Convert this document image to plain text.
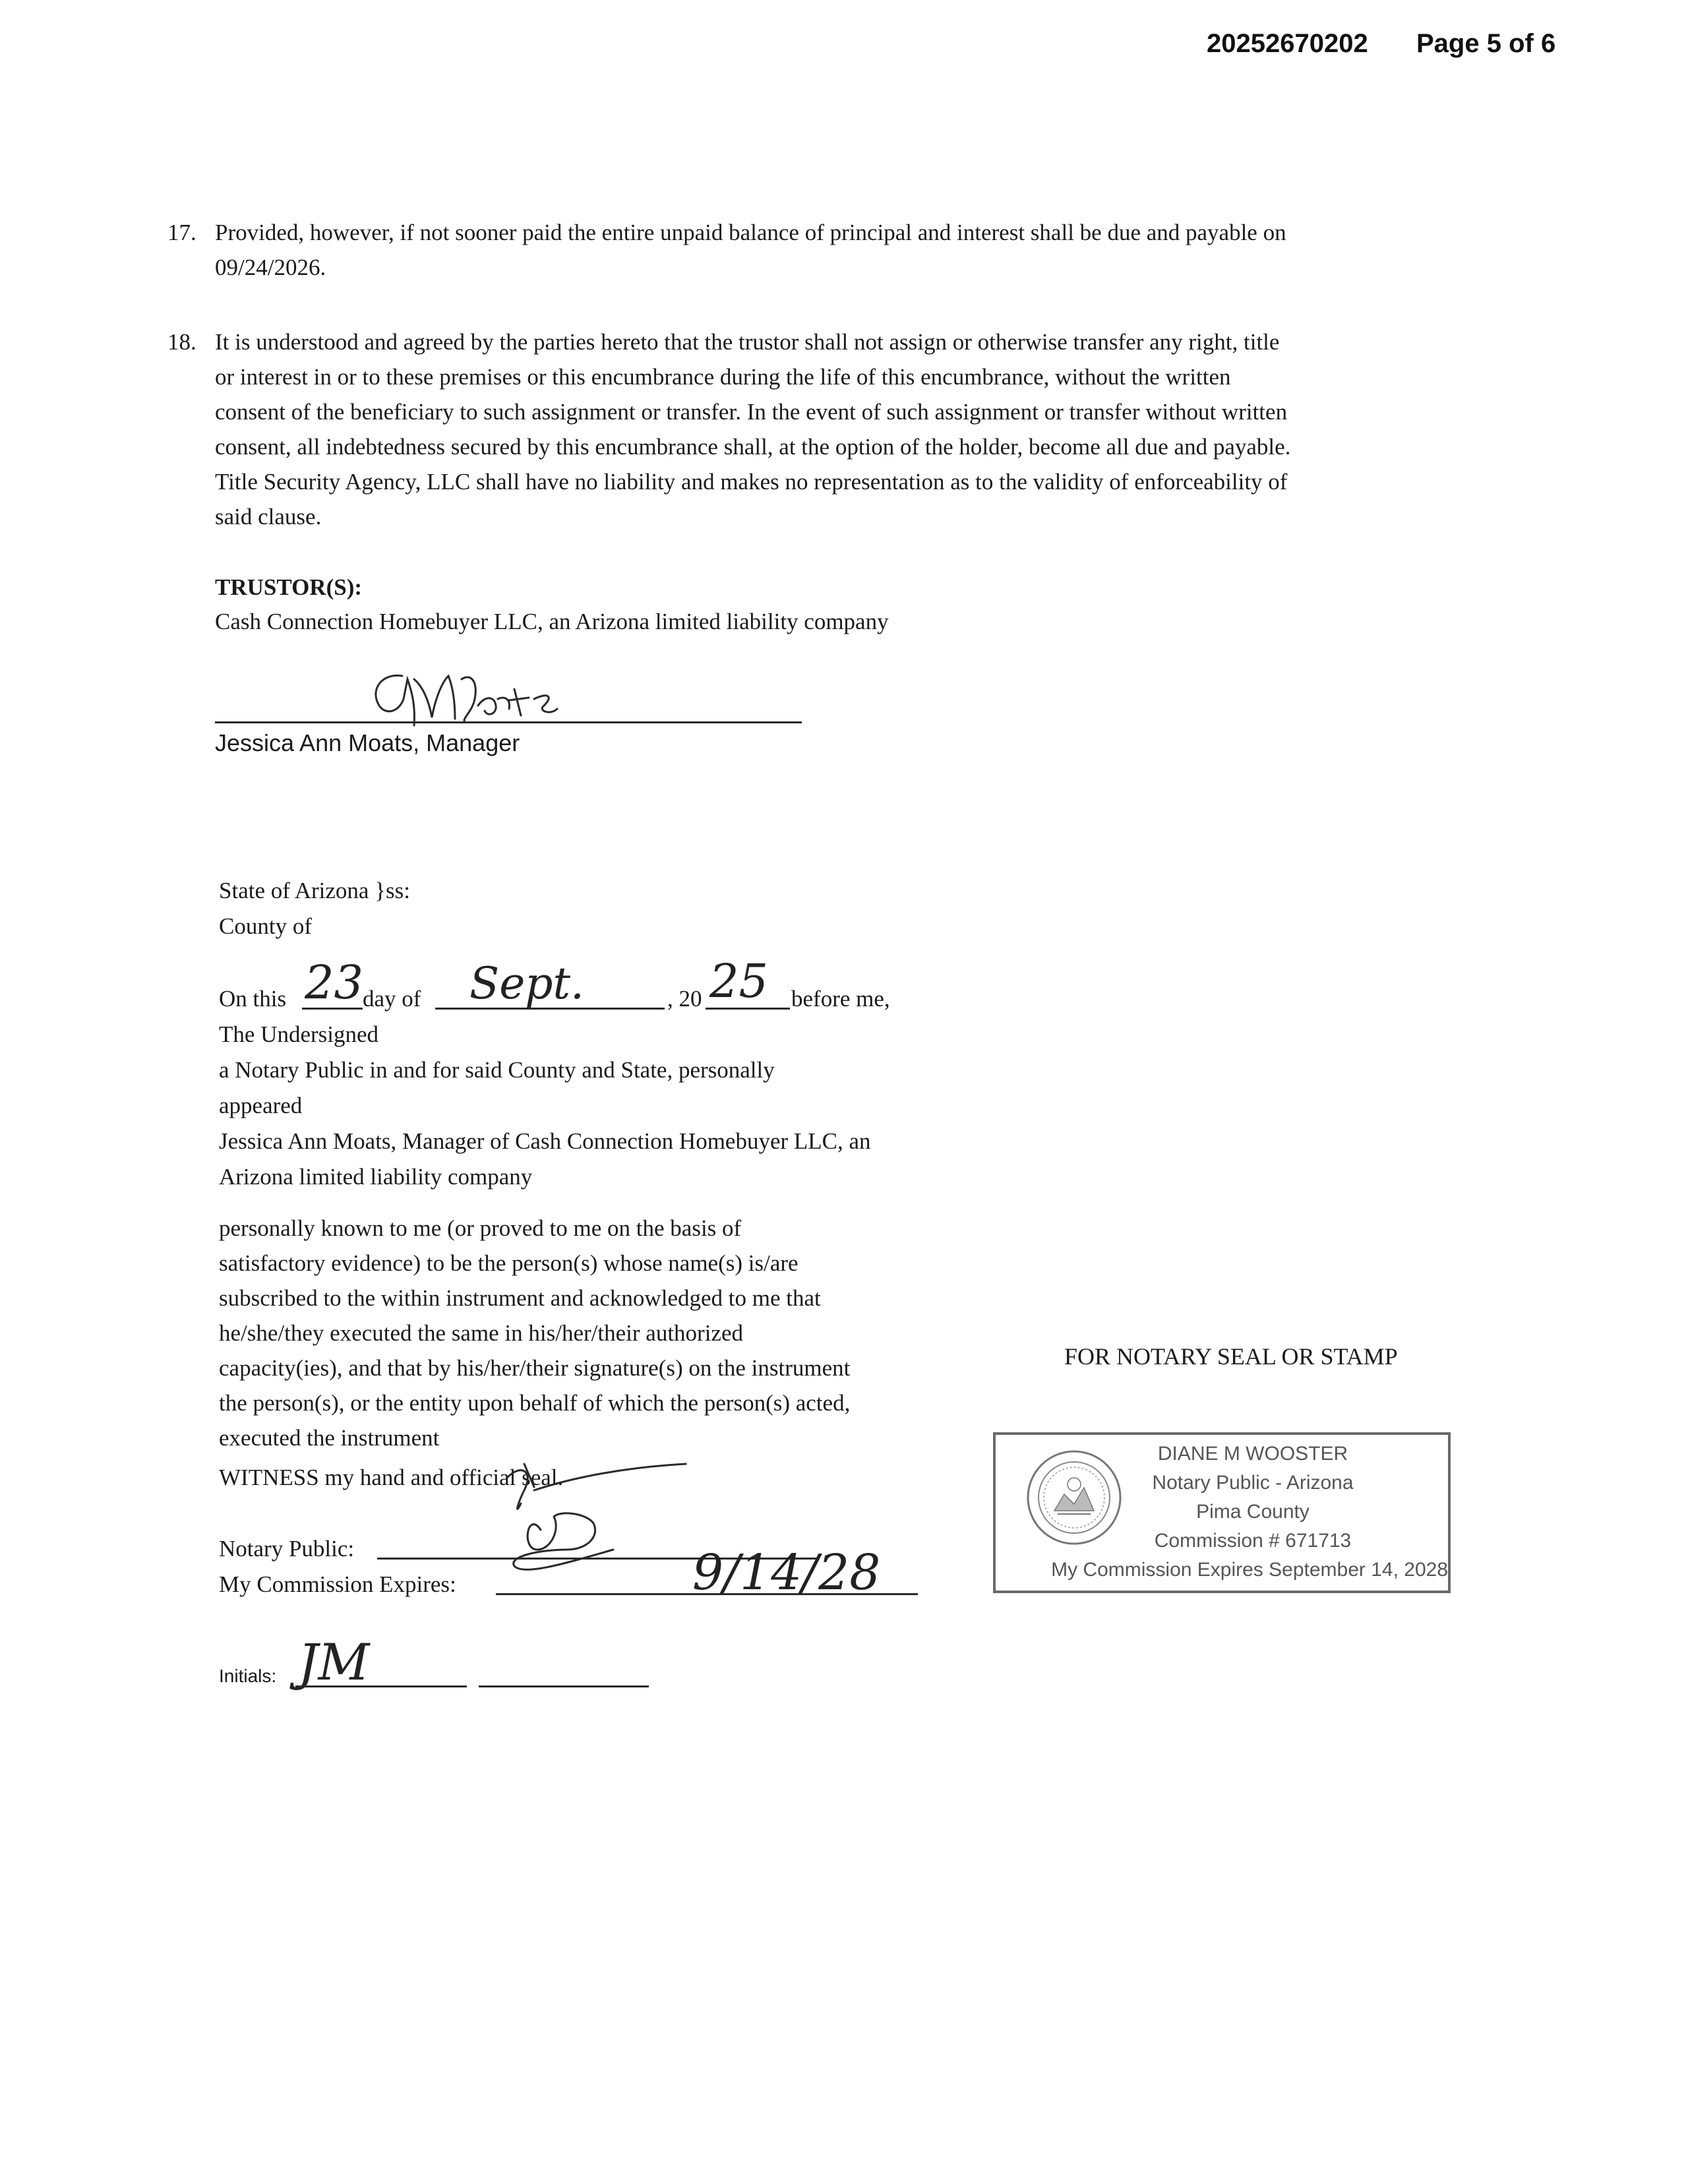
20252670202 Page 5 of 6
17. Provided, however, if not sooner paid the entire unpaid balance of principal and interest shall be due and payable on
09/24/2026.
18. It is understood and agreed by the parties hereto that the trustor shall not assign or otherwise transfer any right, title
or interest in or to these premises or this encumbrance during the life of this encumbrance, without the written
consent of the beneficiary to such assignment or transfer. In the event of such assignment or transfer without written
consent, all indebtedness secured by this encumbrance shall, at the option of the holder, become all due and payable.
Title Security Agency, LLC shall have no liability and makes no representation as to the validity of enforceability of
said clause.
TRUSTOR(S):
Cash Connection Homebuyer LLC, an Arizona limited liability company
Jessica Ann Moats, Manager
State of Arizona }ss:
County of
On this 23
day of Sept.	, 20 25 before me,
The Undersigned
a Notary Public in and for said County and State, personally
appeared
Jessica Ann Moats, Manager of Cash Connection Homebuyer LLC, an
Arizona limited liability company
personally known to me (or proved to me on the basis of
satisfactory evidence) to be the person(s) whose name(s) is/are
subscribed to the within instrument and acknowledged to me that
he/she/they executed the same in his/her/their authorized
capacity(ies), and that by his/her/their signature(s) on the instrument
the person(s), or the entity upon behalf of which the person(s) acted,
executed the instrument
WITNESS my hand and official seal.
Notary Public:
My Commission Expires:	9/14/28
Initials: JM
FOR NOTARY SEAL OR STAMP
DIANE M WOOSTER
Notary Public - Arizona
Pima County
Commission # 671713
My Commission Expires September 14, 2028
